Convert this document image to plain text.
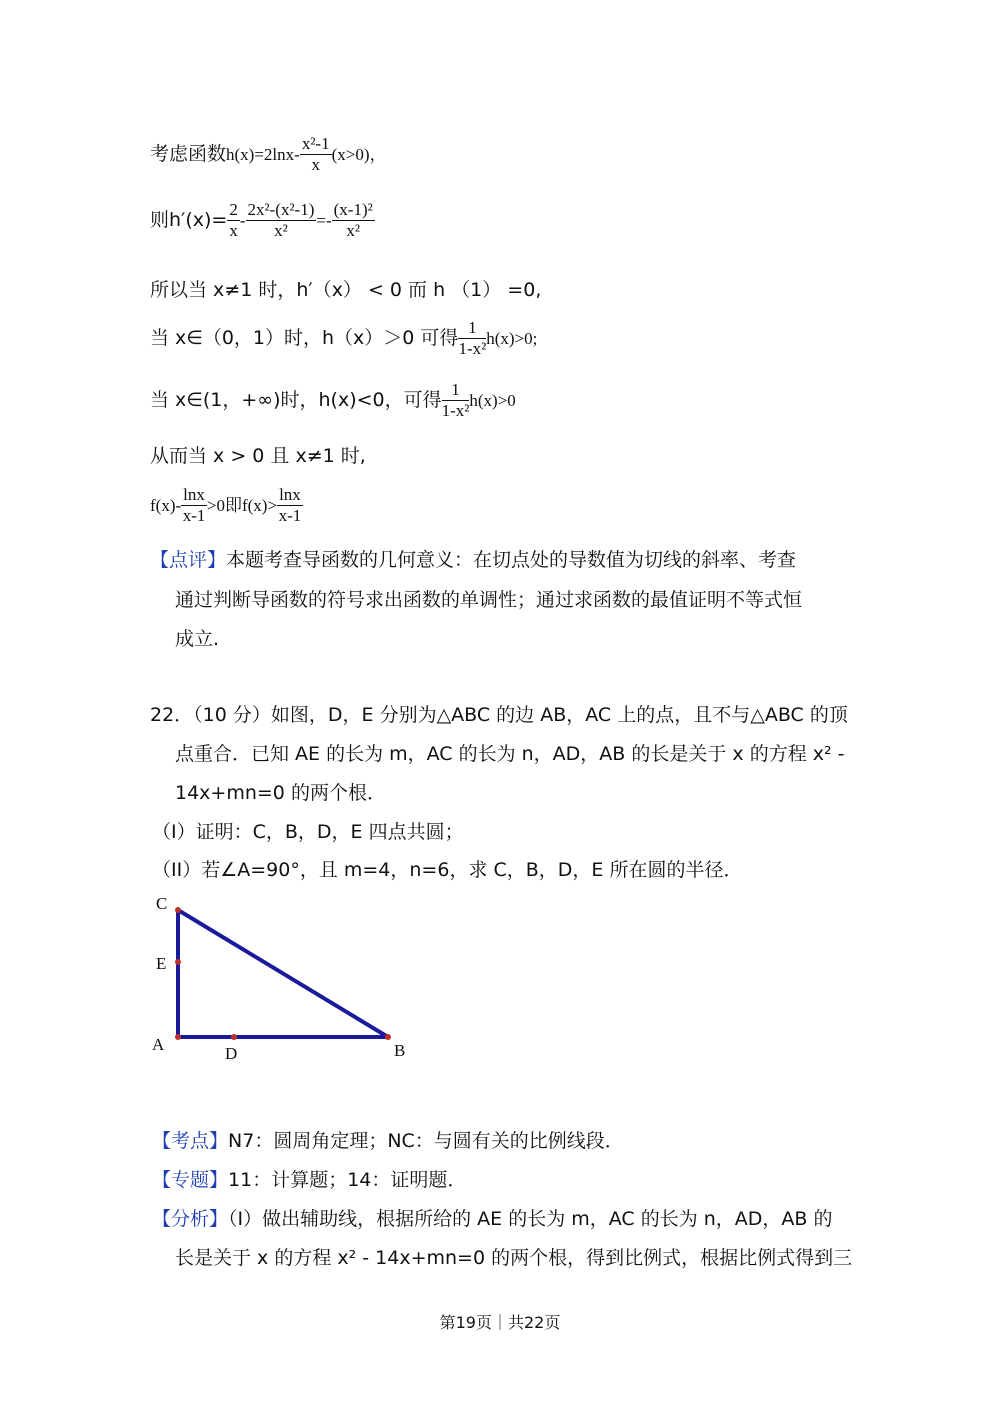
考虑函数$h(x)=2\ln x- \frac{\text{x²-1}}{x} (x>0)$，
则$h'(x)= \frac{2}{x} - \frac{\text{2x²-(x²-1)}}{\text{x²}} =- \frac{\text{(x-1)²}}{\text{x²}}$
所以当 x≠1 时，h′（x） < 0 而 h （1） =0,
当 x∈（0，1）时，h（x）＞0 可得 $\frac{1}{\text{1-x²}} h(x)>0$;
当 x∈(1，+∞)时，h(x)<0，可得 $\frac{1}{\text{1-x²}} h(x)>0$
从而当 x > 0 且 x≠1 时,
$f(x)- \frac{\ln x}{x-1} >0$即$f(x)> \frac{\ln x}{x-1}$
【点评】本题考查导函数的几何意义：在切点处的导数值为切线的斜率、考查
通过判断导函数的符号求出函数的单调性；通过求函数的最值证明不等式恒
成立.
22．（10 分）如图，D，E 分别为△ABC 的边 AB，AC 上的点，且不与△ABC 的顶
点重合．已知 AE 的长为 m，AC 的长为 n，AD，AB 的长是关于 x 的方程 x² -
14x+mn=0 的两个根．
（I）证明：C，B，D，E 四点共圆；
（II）若∠A=90°，且 m=4，n=6，求 C，B，D，E 所在圆的半径．
C
E
A	D	B
【考点】N7：圆周角定理；NC：与圆有关的比例线段．
【专题】11：计算题；14：证明题．
【分析】（I）做出辅助线，根据所给的 AE 的长为 m，AC 的长为 n，AD，AB 的
长是关于 x 的方程 x² - 14x+mn=0 的两个根，得到比例式，根据比例式得到三
第19页｜共22页
